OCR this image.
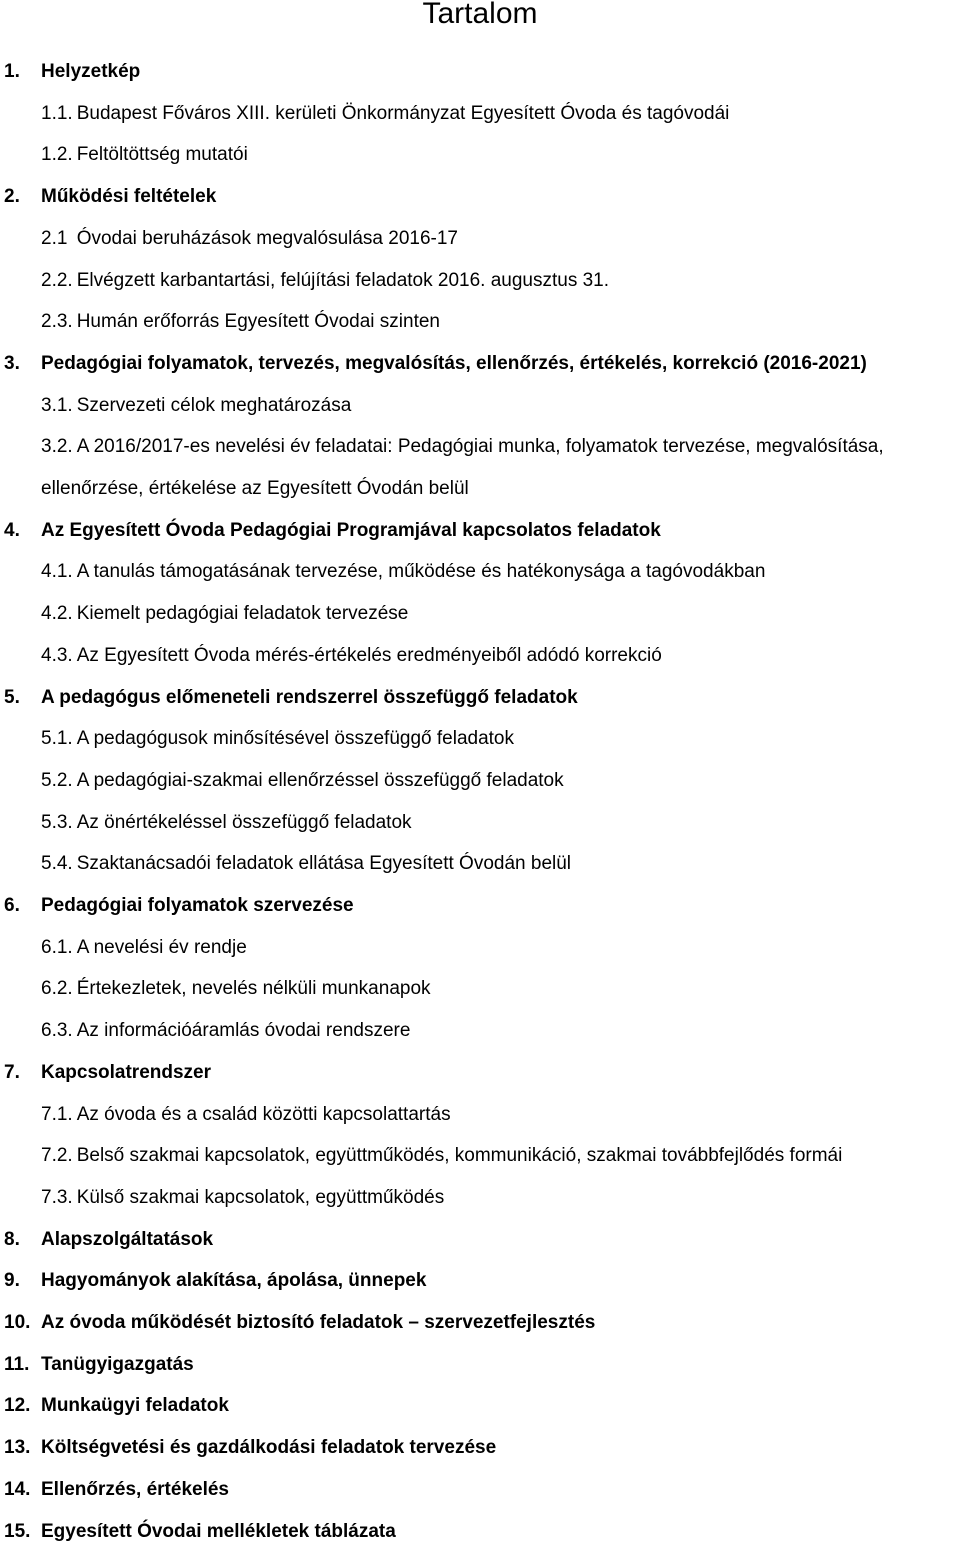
Tartalom
1. Helyzetkép
1.1. Budapest Főváros XIII. kerületi Önkormányzat Egyesített Óvoda és tagóvodái
1.2. Feltöltöttség mutatói
2. Működési feltételek
2.1 Óvodai beruházások megvalósulása 2016-17
2.2. Elvégzett karbantartási, felújítási feladatok 2016. augusztus 31.
2.3. Humán erőforrás Egyesített Óvodai szinten
3. Pedagógiai folyamatok, tervezés, megvalósítás, ellenőrzés, értékelés, korrekció (2016-2021)
3.1. Szervezeti célok meghatározása
3.2. A 2016/2017-es nevelési év feladatai: Pedagógiai munka, folyamatok tervezése, megvalósítása,
ellenőrzése, értékelése az Egyesített Óvodán belül
4. Az Egyesített Óvoda Pedagógiai Programjával kapcsolatos feladatok
4.1. A tanulás támogatásának tervezése, működése és hatékonysága a tagóvodákban
4.2. Kiemelt pedagógiai feladatok tervezése
4.3. Az Egyesített Óvoda mérés-értékelés eredményeiből adódó korrekció
5. A pedagógus előmeneteli rendszerrel összefüggő feladatok
5.1. A pedagógusok minősítésével összefüggő feladatok
5.2. A pedagógiai-szakmai ellenőrzéssel összefüggő feladatok
5.3. Az önértékeléssel összefüggő feladatok
5.4. Szaktanácsadói feladatok ellátása Egyesített Óvodán belül
6. Pedagógiai folyamatok szervezése
6.1. A nevelési év rendje
6.2. Értekezletek, nevelés nélküli munkanapok
6.3. Az információáramlás óvodai rendszere
7. Kapcsolatrendszer
7.1. Az óvoda és a család közötti kapcsolattartás
7.2. Belső szakmai kapcsolatok, együttműködés, kommunikáció, szakmai továbbfejlődés formái
7.3. Külső szakmai kapcsolatok, együttműködés
8. Alapszolgáltatások
9. Hagyományok alakítása, ápolása, ünnepek
10. Az óvoda működését biztosító feladatok – szervezetfejlesztés
11. Tanügyigazgatás
12. Munkaügyi feladatok
13. Költségvetési és gazdálkodási feladatok tervezése
14. Ellenőrzés, értékelés
15. Egyesített Óvodai mellékletek táblázata
